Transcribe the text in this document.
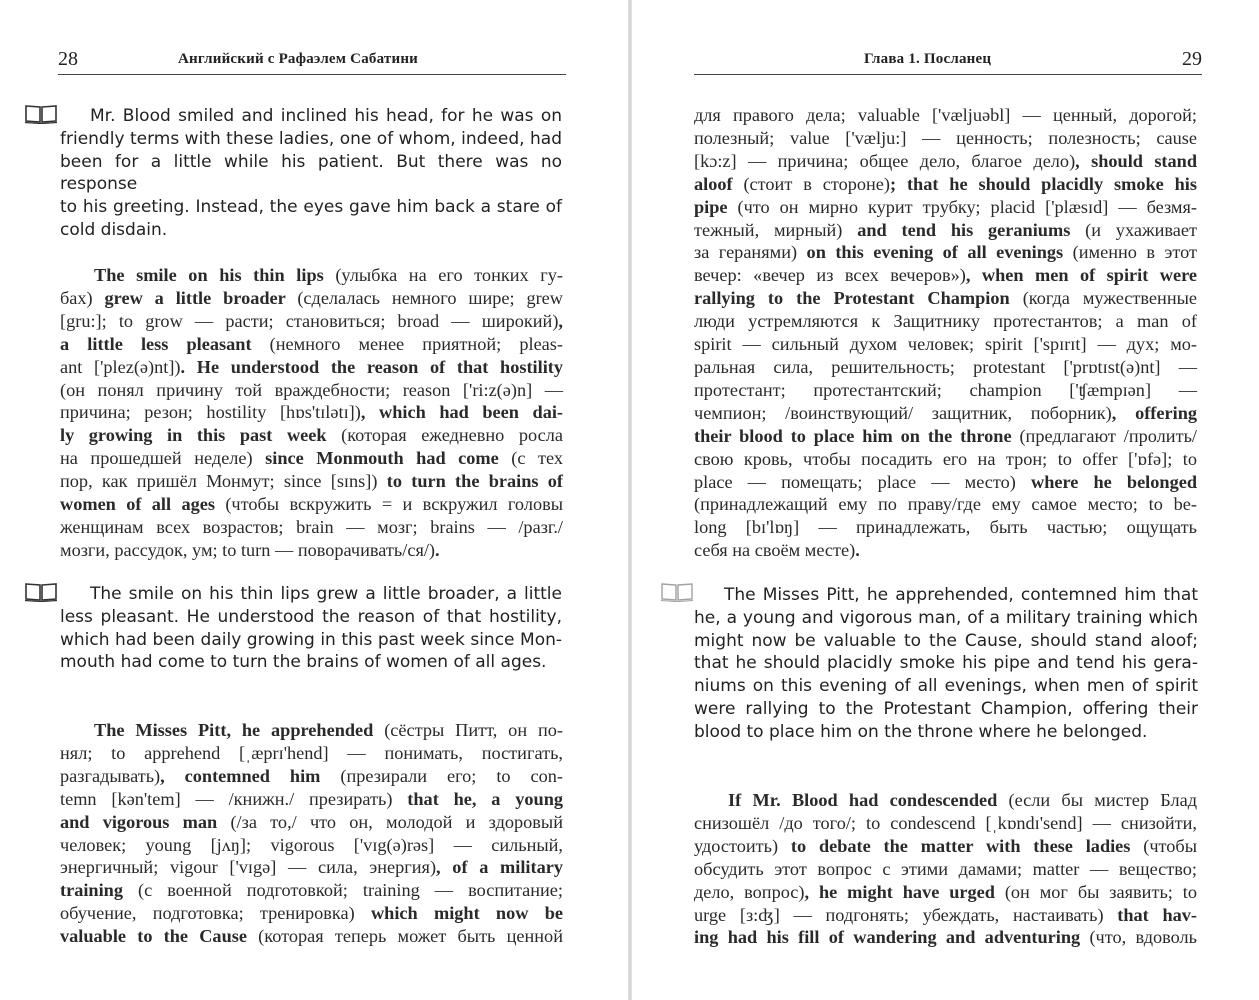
28	Английский с Рафаэлем Сабатини
Mr. Blood smiled and inclined his head, for he was on
friendly terms with these ladies, one of whom, indeed, had
been for a little while his patient. But there was no response
to his greeting. Instead, the eyes gave him back a stare of
cold disdain.
The smile on his thin lips (улыбка на его тонких гу-
бах) grew a little broader (сделалась немного шире; grew
[gru:]; to grow — расти; становиться; broad — широкий),
a little less pleasant (немного менее приятной; pleas-
ant ['plez(ə)nt]). He understood the reason of that hostility
(он понял причину той враждебности; reason ['ri:z(ə)n] —
причина; резон; hostility [hɒs'tɪlətɪ]), which had been dai-
ly growing in this past week (которая ежедневно росла
на прошедшей неделе) since Monmouth had come (с тех
пор, как пришёл Монмут; since [sɪns]) to turn the brains of
women of all ages (чтобы вскружить = и вскружил головы
женщинам всех возрастов; brain — мозг; brains — /разг./
мозги, рассудок, ум; to turn — поворачивать/ся/).
The smile on his thin lips grew a little broader, a little
less pleasant. He understood the reason of that hostility,
which had been daily growing in this past week since Mon-
mouth had come to turn the brains of women of all ages.
The Misses Pitt, he apprehended (сёстры Питт, он по-
нял; to apprehend [ˌæprɪ'hend] — понимать, постигать,
разгадывать), contemned him (презирали его; to con-
temn [kən'tem] — /книжн./ презирать) that he, a young
and vigorous man (/за то,/ что он, молодой и здоровый
человек; young [jʌŋ]; vigorous ['vɪg(ə)rəs] — сильный,
энергичный; vigour ['vɪgə] — сила, энергия), of a military
training (с военной подготовкой; training — воспитание;
обучение, подготовка; тренировка) which might now be
valuable to the Cause (которая теперь может быть ценной
Глава 1. Посланец	29
для правого дела; valuable ['væljuəbl] — ценный, дорогой;
полезный; value ['vælju:] — ценность; полезность; cause
[kɔ:z] — причина; общее дело, благое дело), should stand
aloof (стоит в стороне); that he should placidly smoke his
pipe (что он мирно курит трубку; placid ['plæsɪd] — безмя-
тежный, мирный) and tend his geraniums (и ухаживает
за геранями) on this evening of all evenings (именно в этот
вечер: «вечер из всех вечеров»), when men of spirit were
rallying to the Protestant Champion (когда мужественные
люди устремляются к Защитнику протестантов; a man of
spirit — сильный духом человек; spirit ['spɪrɪt] — дух; мо-
ральная сила, решительность; protestant ['prɒtɪst(ə)nt] —
протестант; протестантский; champion ['ʧæmpɪən] —
чемпион; /воинствующий/ защитник, поборник), offering
their blood to place him on the throne (предлагают /пролить/
свою кровь, чтобы посадить его на трон; to offer ['ɒfə]; to
place — помещать; place — место) where he belonged
(принадлежащий ему по праву/где ему самое место; to be-
long [bɪ'lɒŋ] — принадлежать, быть частью; ощущать
себя на своём месте).
The Misses Pitt, he apprehended, contemned him that
he, a young and vigorous man, of a military training which
might now be valuable to the Cause, should stand aloof;
that he should placidly smoke his pipe and tend his gera-
niums on this evening of all evenings, when men of spirit
were rallying to the Protestant Champion, offering their
blood to place him on the throne where he belonged.
If Mr. Blood had condescended (если бы мистер Блад
снизошёл /до того/; to condescend [ˌkɒndɪ'send] — снизойти,
удостоить) to debate the matter with these ladies (чтобы
обсудить этот вопрос с этими дамами; matter — вещество;
дело, вопрос), he might have urged (он мог бы заявить; to
urge [з:ʤ] — подгонять; убеждать, настаивать) that hav-
ing had his fill of wandering and adventuring (что, вдоволь
